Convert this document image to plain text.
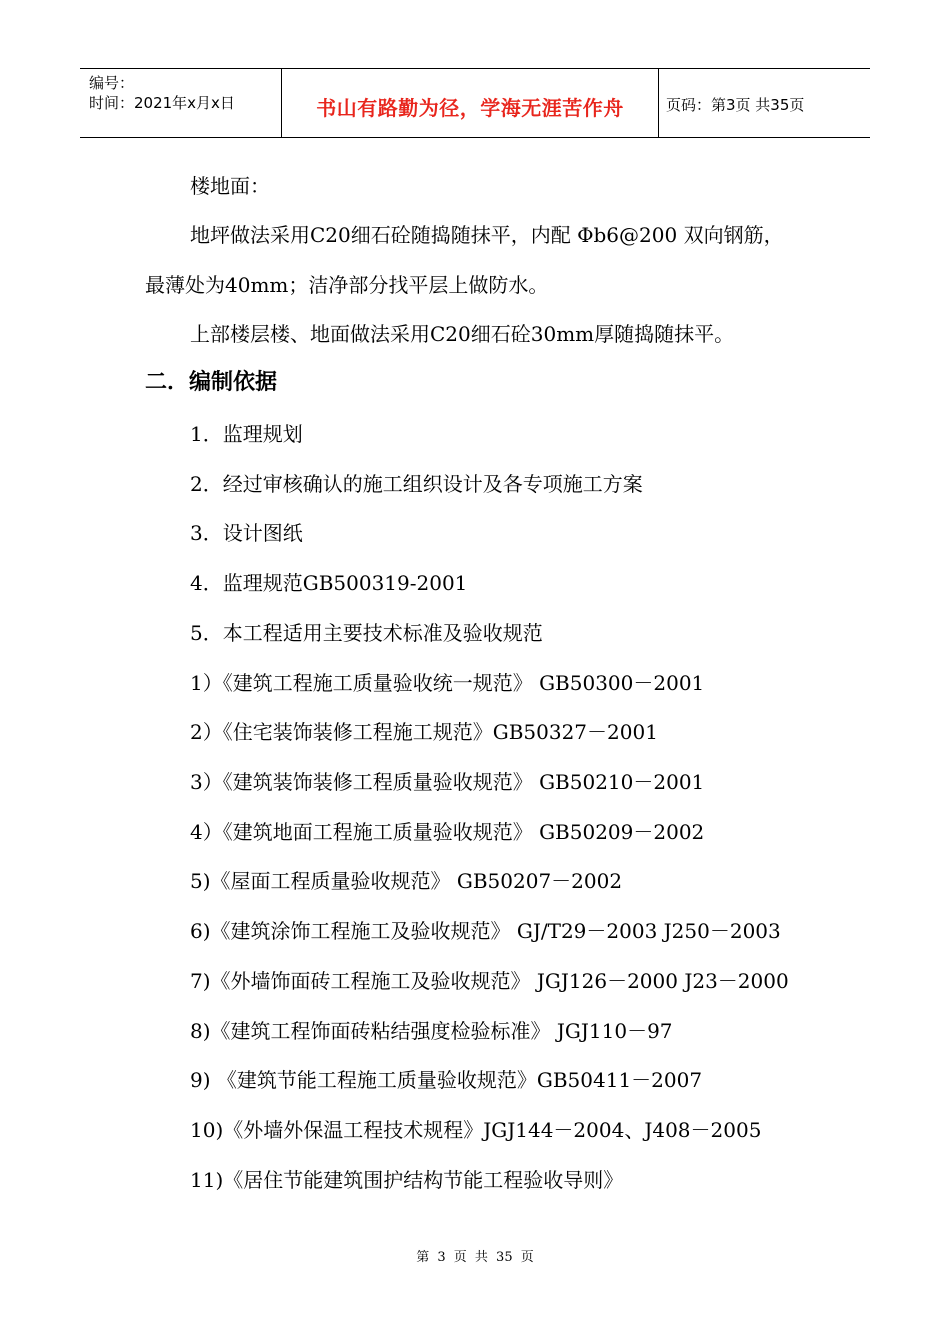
编号：
时间：2021年x月x日	书山有路勤为径，学海无涯苦作舟	页码：第3页 共35页
楼地面：
地坪做法采用C20细石砼随捣随抹平，内配 Φb6@200 双向钢筋，
最薄处为40mm；洁净部分找平层上做防水。
上部楼层楼、地面做法采用C20细石砼30mm厚随捣随抹平。
二．编制依据
1．监理规划
2．经过审核确认的施工组织设计及各专项施工方案
3．设计图纸
4．监理规范GB500319-2001
5．本工程适用主要技术标准及验收规范
1）《建筑工程施工质量验收统一规范》 GB50300－2001
2）《住宅装饰装修工程施工规范》GB50327－2001
3）《建筑装饰装修工程质量验收规范》 GB50210－2001
4）《建筑地面工程施工质量验收规范》 GB50209－2002
5)《屋面工程质量验收规范》 GB50207－2002
6)《建筑涂饰工程施工及验收规范》 GJ/T29－2003 J250－2003
7)《外墙饰面砖工程施工及验收规范》 JGJ126－2000 J23－2000
8)《建筑工程饰面砖粘结强度检验标准》 JGJ110－97
9) 《建筑节能工程施工质量验收规范》GB50411－2007
10)《外墙外保温工程技术规程》JGJ144－2004、J408－2005
11)《居住节能建筑围护结构节能工程验收导则》
第 3 页 共 35 页
